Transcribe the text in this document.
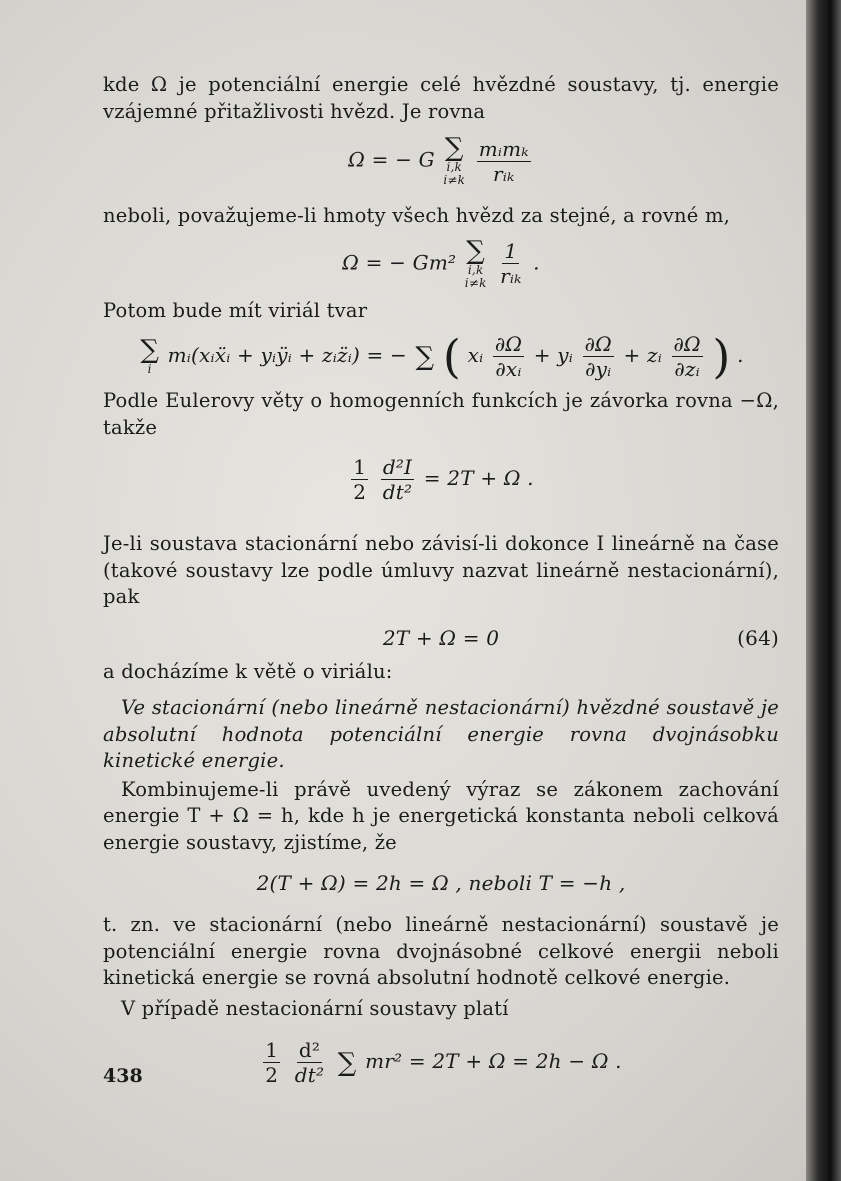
kde Ω je potenciální energie celé hvězdné soustavy, tj. energie vzájemné přitažlivosti hvězd. Je rovna

Ω = − G ∑
i,k
i≠k
$\frac{\text{mᵢmₖ}}{\text{rᵢₖ}}$

neboli, považujeme-li hmoty všech hvězd za stejné, a rovné m,

Ω = − Gm² ∑
i,k
i≠k
$\frac{1}{\text{rᵢₖ}}$ .

Potom bude mít viriál tvar

∑
i
mᵢ(xᵢẍᵢ + yᵢÿᵢ + zᵢz̈ᵢ) = − ∑ ( xᵢ $\frac{\partial\Omega}{\text{∂xᵢ}}$ + yᵢ $\frac{\partial\Omega}{\text{∂yᵢ}}$ + zᵢ $\frac{\partial\Omega}{\text{∂zᵢ}}$ ) .

Podle Eulerovy věty o homogenních funkcích je závorka rovna −Ω, takže

$\frac{1}{2}$
$\frac{\text{d²I}}{\text{dt²}} = 2T + \Omega$ .

Je-li soustava stacionární nebo závisí-li dokonce I lineárně na čase (takové soustavy lze podle úmluvy nazvat lineárně nestacionární), pak

2T + Ω = 0	(64)

a docházíme k větě o viriálu:

Ve stacionární (nebo lineárně nestacionární) hvězdné soustavě je absolutní hodnota potenciální energie rovna dvojnásobku kinetické energie.

Kombinujeme-li právě uvedený výraz se zákonem zachování energie T + Ω = h, kde h je energetická konstanta neboli celková energie soustavy, zjistíme, že

2(T + Ω) = 2h = Ω , neboli T = −h ,

t. zn. ve stacionární (nebo lineárně nestacionární) soustavě je potenciální energie rovna dvojnásobné celkové energii neboli kinetická energie se rovná absolutní hodnotě celkové energie.

V případě nestacionární soustavy platí

$\frac{1}{2}$
$\frac{\text{d²}}{\text{dt²}}$
∑ mr² = 2T + Ω = 2h − Ω .
438
